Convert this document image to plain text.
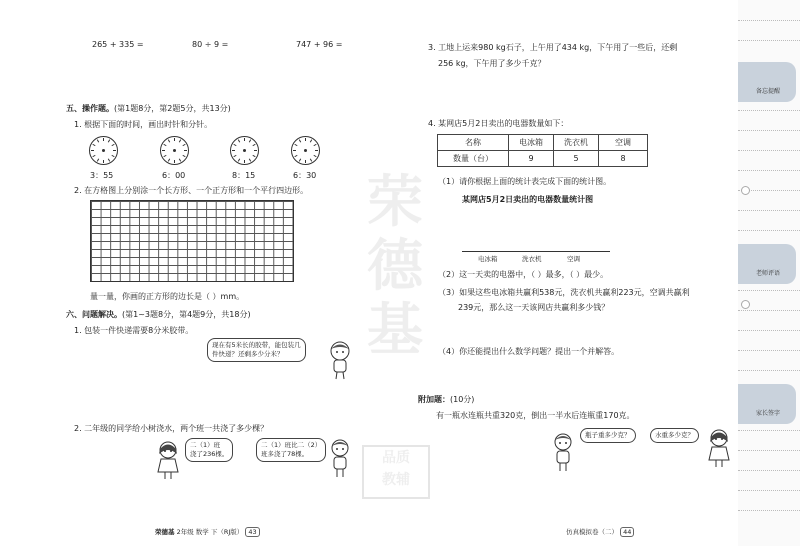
荣德基
品质
教辅
265 + 335 =	80 ÷ 9 =	747 + 96 =
五、操作题。(第1题8分，第2题5分，共13分)
1. 根据下面的时间，画出时针和分针。
3：55	6：00	8：15	6：30
2. 在方格图上分别涂一个长方形、一个正方形和一个平行四边形。
量一量，你画的正方形的边长是（ ）mm。
六、问题解决。(第1~3题8分，第4题9分，共18分)
1. 包装一件快递需要8分米胶带。
现在有5米长的胶带，能包装几
件快递？还剩多少分米？
2. 二年级的同学给小树浇水，两个班一共浇了多少棵？
二（1）班
浇了236棵。
二（1）班比二（2）
班多浇了78棵。
荣德基 2年级 数学 下（RJ版） 43
3. 工地上运来980 kg石子，上午用了434 kg，下午用了一些后，还剩
256 kg，下午用了多少千克？
4. 某网店5月2日卖出的电器数量如下：
名称	电冰箱	洗衣机	空调
数量（台）	9	5	8
（1）请你根据上面的统计表完成下面的统计图。
某网店5月2日卖出的电器数量统计图
电冰箱	洗衣机	空调
（2）这一天卖的电器中，（ ）最多，（ ）最少。
（3）如果这些电冰箱共赢利538元，洗衣机共赢利223元，空调共赢利
239元，那么这一天该网店共赢利多少钱？
（4）你还能提出什么数学问题？提出一个并解答。
附加题：(10分)
有一瓶水连瓶共重320克，倒出一半水后连瓶重170克。
瓶子重多少克？	水重多少克？
仿真模拟卷（二） 44
备忘提醒
老师评语
家长签字
